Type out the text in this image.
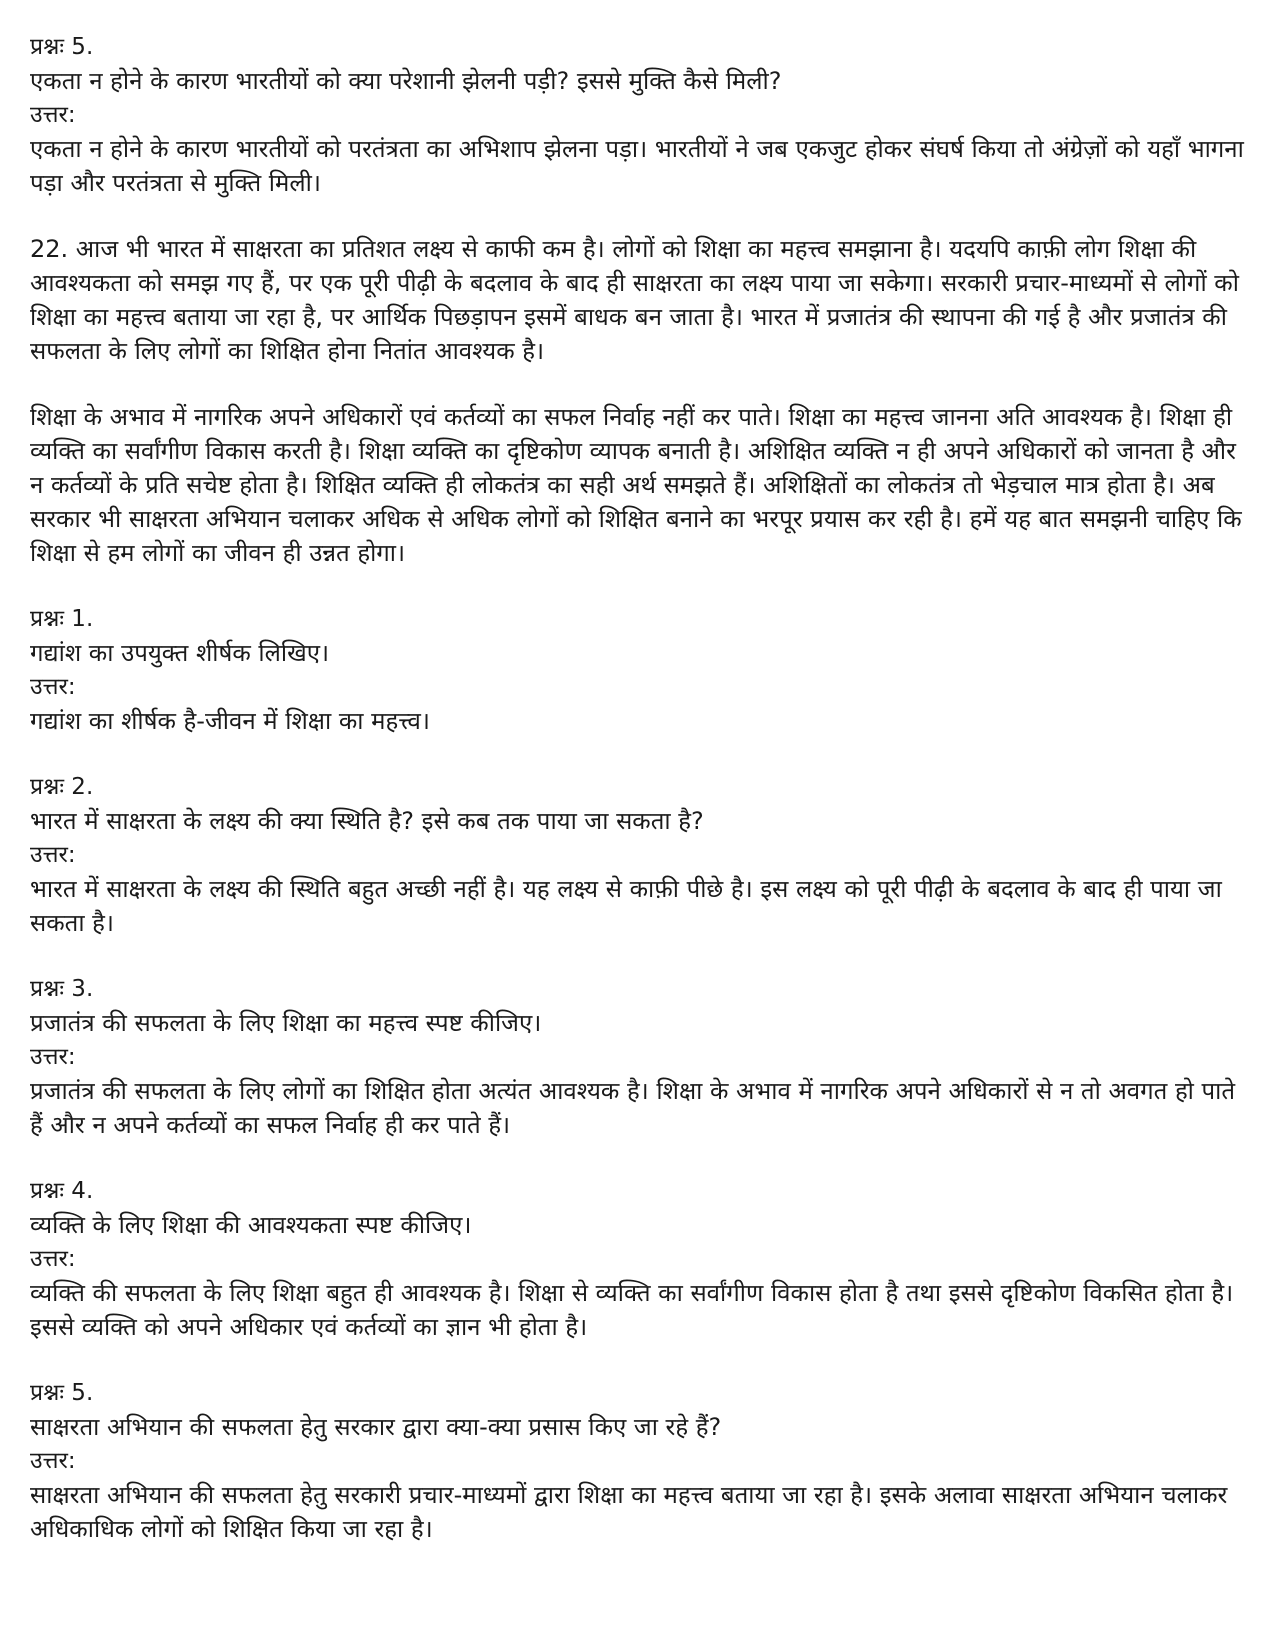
प्रश्नः 5.

एकता न होने के कारण भारतीयों को क्या परेशानी झेलनी पड़ी? इससे मुक्ति कैसे मिली?

उत्तर:

एकता न होने के कारण भारतीयों को परतंत्रता का अभिशाप झेलना पड़ा। भारतीयों ने जब एकजुट होकर संघर्ष किया तो अंग्रेज़ों को यहाँ भागना पड़ा और परतंत्रता से मुक्ति मिली।

22. आज भी भारत में साक्षरता का प्रतिशत लक्ष्य से काफी कम है। लोगों को शिक्षा का महत्त्व समझाना है। यदयपि काफ़ी लोग शिक्षा की आवश्यकता को समझ गए हैं, पर एक पूरी पीढ़ी के बदलाव के बाद ही साक्षरता का लक्ष्य पाया जा सकेगा। सरकारी प्रचार-माध्यमों से लोगों को शिक्षा का महत्त्व बताया जा रहा है, पर आर्थिक पिछड़ापन इसमें बाधक बन जाता है। भारत में प्रजातंत्र की स्थापना की गई है और प्रजातंत्र की सफलता के लिए लोगों का शिक्षित होना नितांत आवश्यक है।

शिक्षा के अभाव में नागरिक अपने अधिकारों एवं कर्तव्यों का सफल निर्वाह नहीं कर पाते। शिक्षा का महत्त्व जानना अति आवश्यक है। शिक्षा ही व्यक्ति का सर्वांगीण विकास करती है। शिक्षा व्यक्ति का दृष्टिकोण व्यापक बनाती है। अशिक्षित व्यक्ति न ही अपने अधिकारों को जानता है और न कर्तव्यों के प्रति सचेष्ट होता है। शिक्षित व्यक्ति ही लोकतंत्र का सही अर्थ समझते हैं। अशिक्षितों का लोकतंत्र तो भेड़चाल मात्र होता है। अब सरकार भी साक्षरता अभियान चलाकर अधिक से अधिक लोगों को शिक्षित बनाने का भरपूर प्रयास कर रही है। हमें यह बात समझनी चाहिए कि शिक्षा से हम लोगों का जीवन ही उन्नत होगा।

प्रश्नः 1.

गद्यांश का उपयुक्त शीर्षक लिखिए।

उत्तर:

गद्यांश का शीर्षक है-जीवन में शिक्षा का महत्त्व।

प्रश्नः 2.

भारत में साक्षरता के लक्ष्य की क्या स्थिति है? इसे कब तक पाया जा सकता है?

उत्तर:

भारत में साक्षरता के लक्ष्य की स्थिति बहुत अच्छी नहीं है। यह लक्ष्य से काफ़ी पीछे है। इस लक्ष्य को पूरी पीढ़ी के बदलाव के बाद ही पाया जा सकता है।

प्रश्नः 3.

प्रजातंत्र की सफलता के लिए शिक्षा का महत्त्व स्पष्ट कीजिए।

उत्तर:

प्रजातंत्र की सफलता के लिए लोगों का शिक्षित होता अत्यंत आवश्यक है। शिक्षा के अभाव में नागरिक अपने अधिकारों से न तो अवगत हो पाते हैं और न अपने कर्तव्यों का सफल निर्वाह ही कर पाते हैं।

प्रश्नः 4.

व्यक्ति के लिए शिक्षा की आवश्यकता स्पष्ट कीजिए।

उत्तर:

व्यक्ति की सफलता के लिए शिक्षा बहुत ही आवश्यक है। शिक्षा से व्यक्ति का सर्वांगीण विकास होता है तथा इससे दृष्टिकोण विकसित होता है। इससे व्यक्ति को अपने अधिकार एवं कर्तव्यों का ज्ञान भी होता है।

प्रश्नः 5.

साक्षरता अभियान की सफलता हेतु सरकार द्वारा क्या-क्या प्रसास किए जा रहे हैं?

उत्तर:

साक्षरता अभियान की सफलता हेतु सरकारी प्रचार-माध्यमों द्वारा शिक्षा का महत्त्व बताया जा रहा है। इसके अलावा साक्षरता अभियान चलाकर अधिकाधिक लोगों को शिक्षित किया जा रहा है।
